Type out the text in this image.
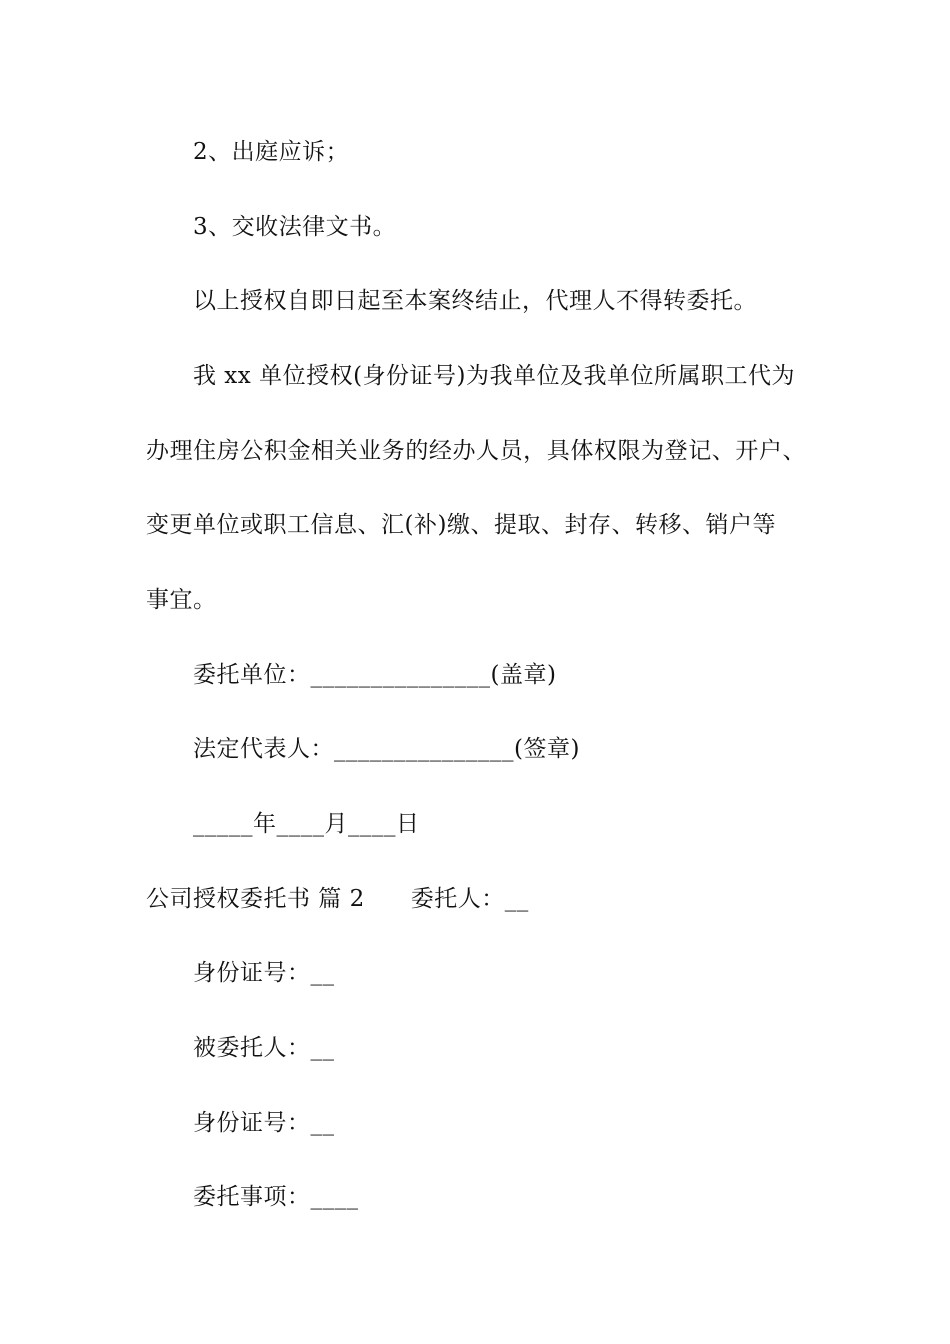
2、出庭应诉；
3、交收法律文书。
以上授权自即日起至本案终结止，代理人不得转委托。
我 xx 单位授权(身份证号)为我单位及我单位所属职工代为
办理住房公积金相关业务的经办人员，具体权限为登记、开户、
变更单位或职工信息、汇(补)缴、提取、封存、转移、销户等
事宜。
委托单位：_______________(盖章)
法定代表人：_______________(签章)
_____年____月____日
公司授权委托书 篇 2 委托人：__
身份证号：__
被委托人：__
身份证号：__
委托事项：____
